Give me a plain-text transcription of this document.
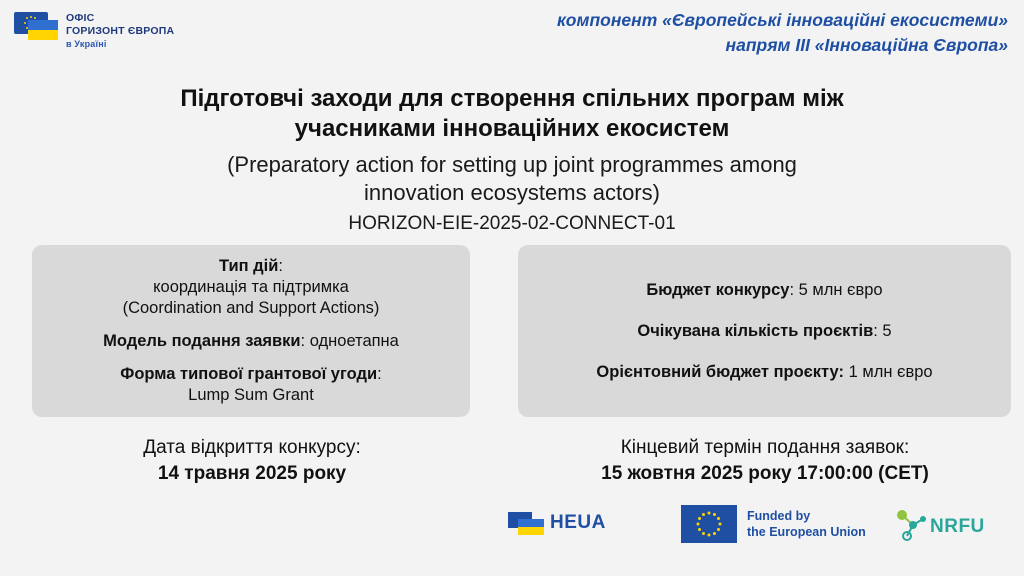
ОФІС
ГОРИЗОНТ ЄВРОПА
в Україні
компонент «Європейські інноваційні екосистеми»
напрям ІІІ «Інноваційна Європа»
Підготовчі заходи для створення спільних програм між
учасниками інноваційних екосистем
(Preparatory action for setting up joint programmes among
innovation ecosystems actors)
HORIZON-EIE-2025-02-CONNECT-01

Тип дій:

координація та підтримка

(Coordination and Support Actions)

Модель подання заявки: одноетапна

Форма типової грантової угоди:

Lump Sum Grant

Бюджет конкурсу: 5 млн євро

Очікувана кількість проєктів: 5

Орієнтовний бюджет проєкту: 1 млн євро

Дата відкриття конкурсу:
14 травня 2025 року
Кінцевий термін подання заявок:
15 жовтня 2025 року 17:00:00 (CET)
HEUA	Funded by
the European Union	NRFU
